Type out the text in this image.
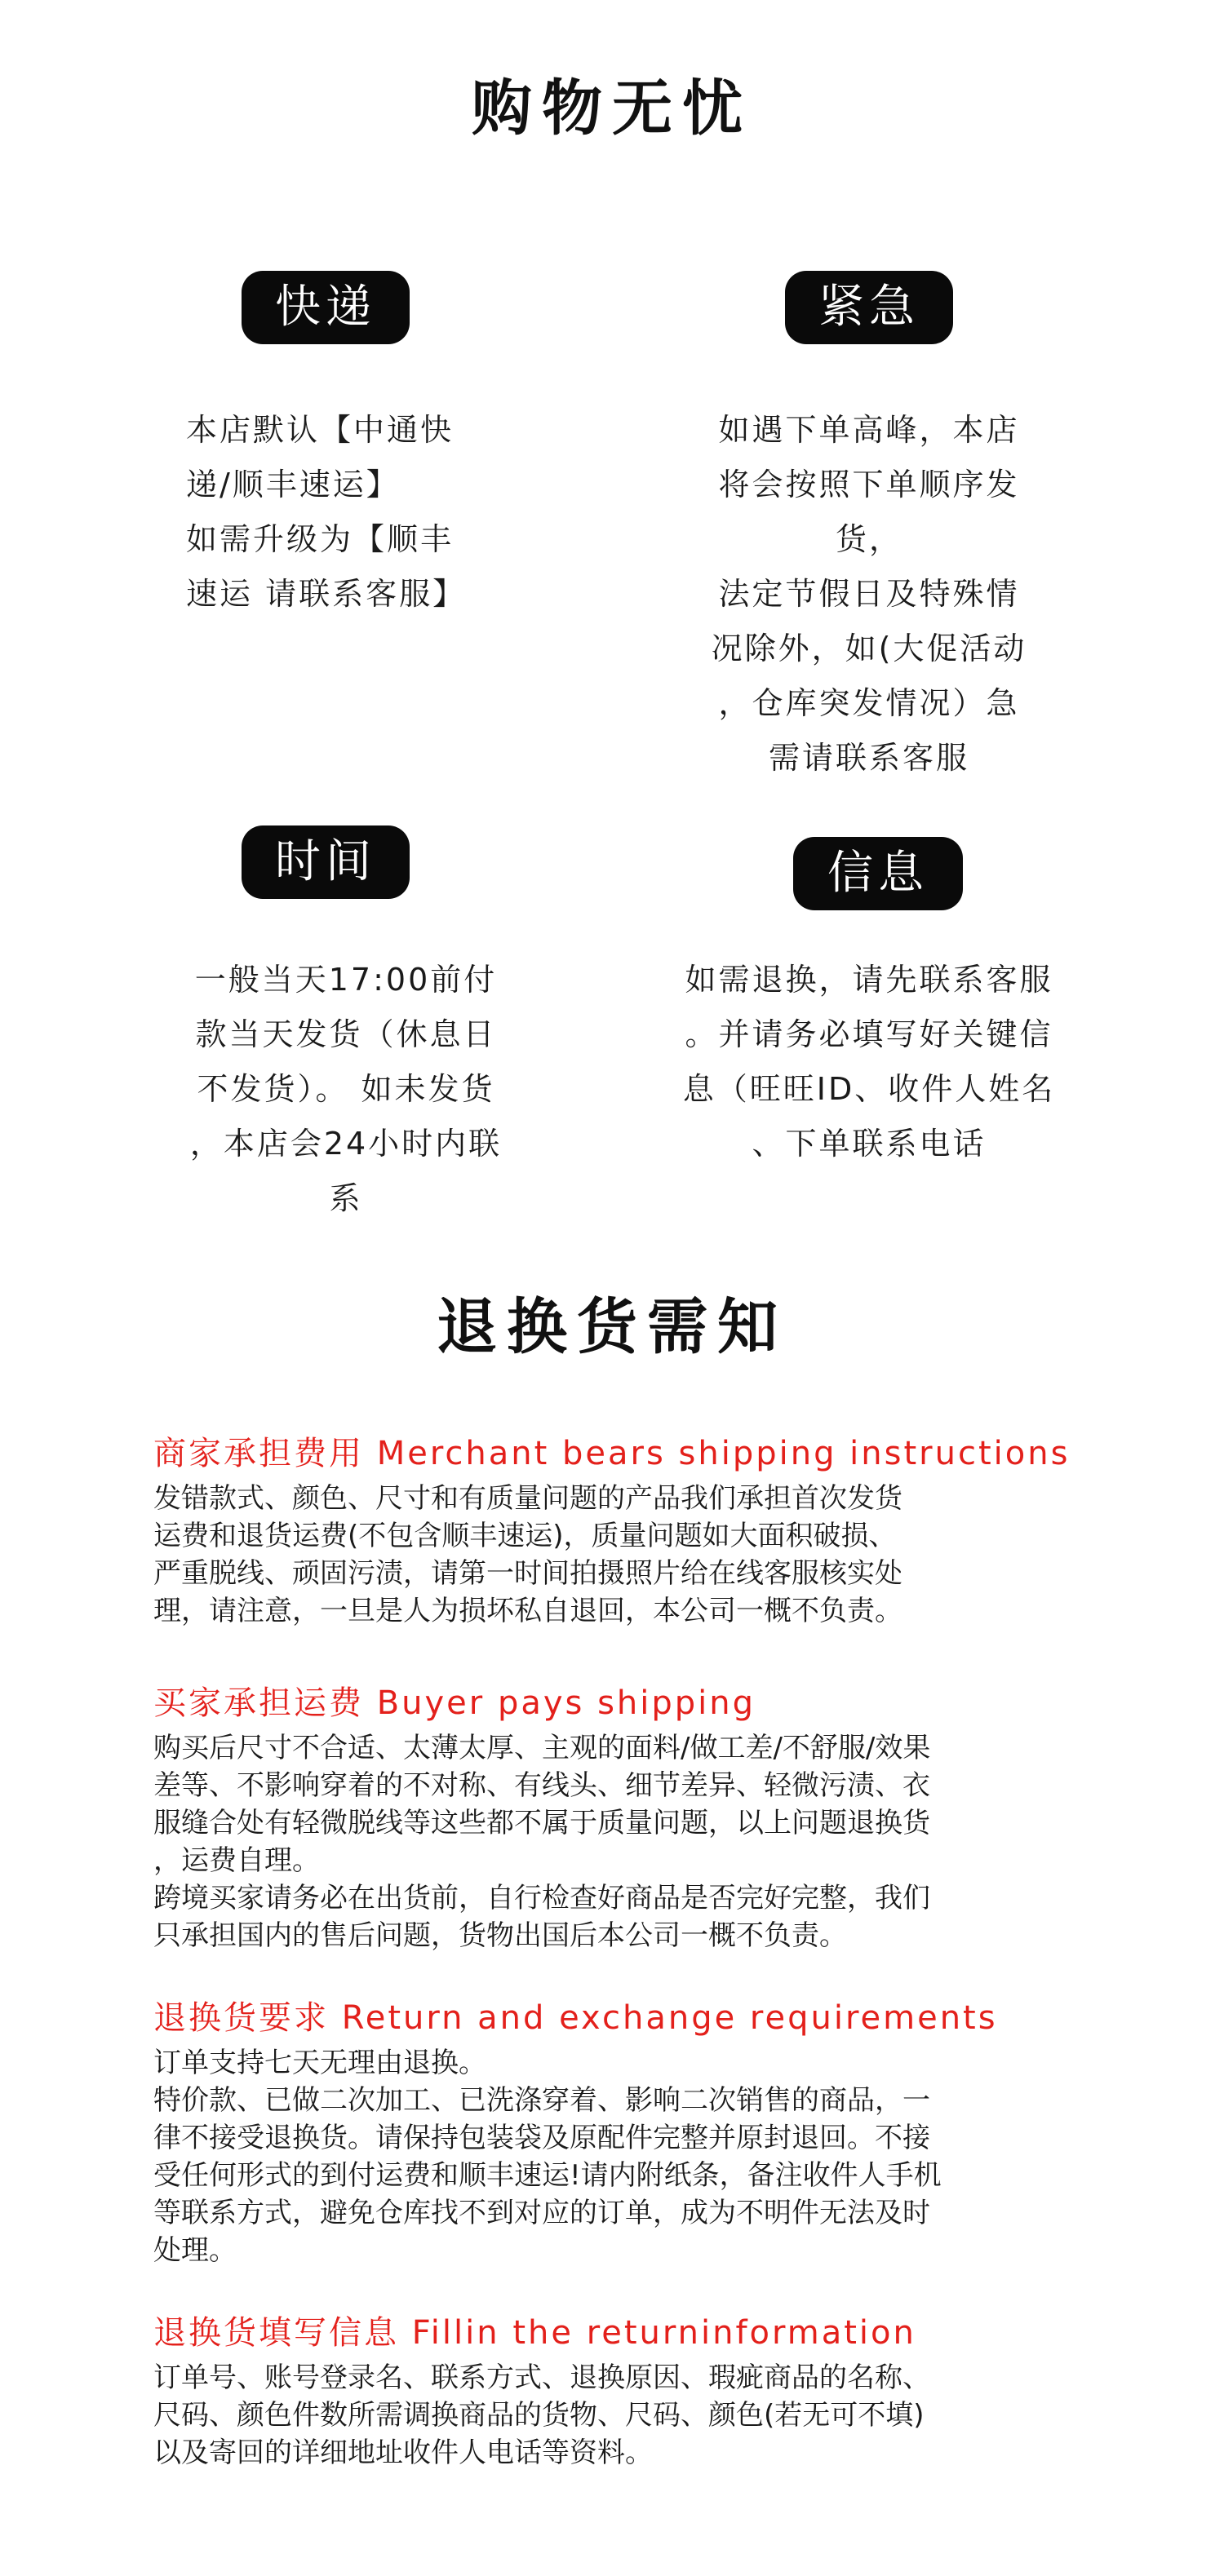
购物无忧
快递
本店默认【中通快
递/顺丰速运】
如需升级为【顺丰
速运 请联系客服】
紧急
如遇下单高峰，本店
将会按照下单顺序发
货，
法定节假日及特殊情
况除外，如(大促活动
，仓库突发情况）急
需请联系客服
时间
一般当天17:00前付
款当天发货（休息日
不发货）。 如未发货
，本店会24小时内联
系
信息
如需退换，请先联系客服
。并请务必填写好关键信
息（旺旺ID、收件人姓名
、下单联系电话
退换货需知
商家承担费用 Merchant bears shipping instructions
发错款式、颜色、尺寸和有质量问题的产品我们承担首次发货
运费和退货运费(不包含顺丰速运)，质量问题如大面积破损、
严重脱线、顽固污渍，请第一时间拍摄照片给在线客服核实处
理，请注意，一旦是人为损坏私自退回，本公司一概不负责。
买家承担运费 Buyer pays shipping
购买后尺寸不合适、太薄太厚、主观的面料/做工差/不舒服/效果
差等、不影响穿着的不对称、有线头、细节差异、轻微污渍、衣
服缝合处有轻微脱线等这些都不属于质量问题，以上问题退换货
，运费自理。
跨境买家请务必在出货前，自行检查好商品是否完好完整，我们
只承担国内的售后问题，货物出国后本公司一概不负责。
退换货要求 Return and exchange requirements
订单支持七天无理由退换。
特价款、已做二次加工、已洗涤穿着、影响二次销售的商品，一
律不接受退换货。请保持包装袋及原配件完整并原封退回。不接
受任何形式的到付运费和顺丰速运!请内附纸条，备注收件人手机
等联系方式，避免仓库找不到对应的订单，成为不明件无法及时
处理。
退换货填写信息 Fillin the returninformation
订单号、账号登录名、联系方式、退换原因、瑕疵商品的名称、
尺码、颜色件数所需调换商品的货物、尺码、颜色(若无可不填)
以及寄回的详细地址收件人电话等资料。
